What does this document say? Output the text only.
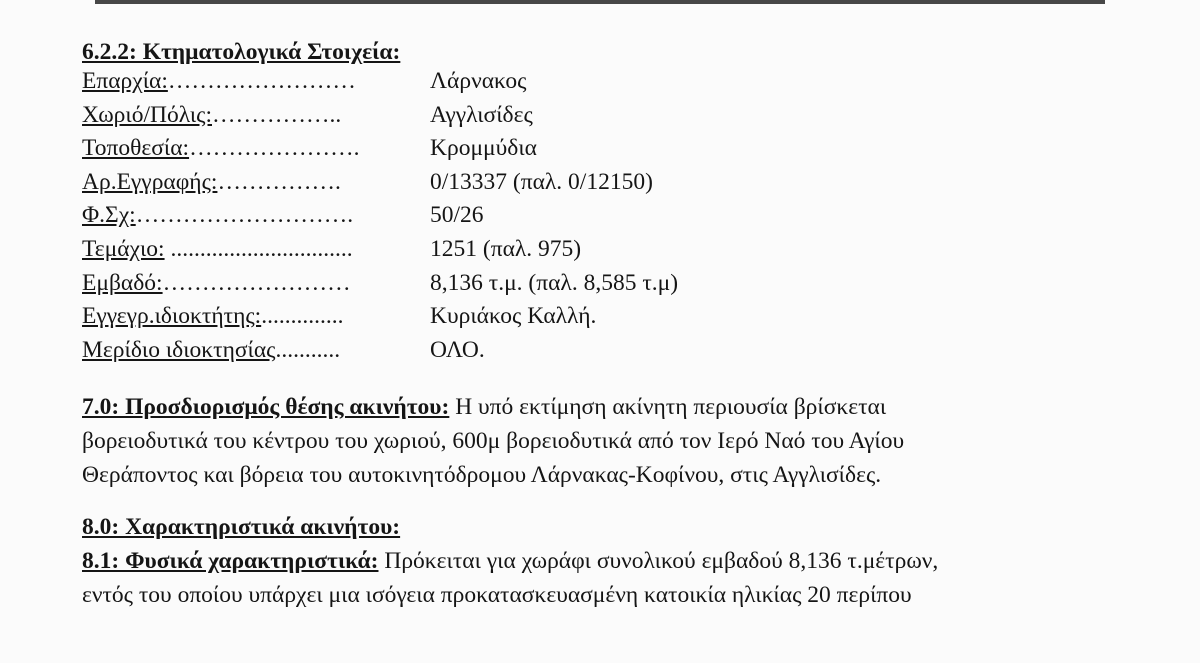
6.2.2: Κτηματολογικά Στοιχεία:
Επαρχία:……………………	Λάρνακος
Χωριό/Πόλις:……………..	Αγγλισίδες
Τοποθεσία:………………….	Κρομμύδια
Αρ.Εγγραφής:…………….	0/13337 (παλ. 0/12150)
Φ.Σχ:……………………….	50/26
Τεμάχιο: ...............................	1251 (παλ. 975)
Εμβαδό:……………………	8,136 τ.μ. (παλ. 8,585 τ.μ)
Εγγεγρ.ιδιοκτήτης:..............	Κυριάκος Καλλή.
Μερίδιο ιδιοκτησίας...........	ΟΛΟ.
7.0: Προσδιορισμός θέσης ακινήτου: Η υπό εκτίμηση ακίνητη περιουσία βρίσκεται
βορειοδυτικά του κέντρου του χωριού, 600μ βορειοδυτικά από τον Ιερό Ναό του Αγίου
Θεράποντος και βόρεια του αυτοκινητόδρομου Λάρνακας-Κοφίνου, στις Αγγλισίδες.
8.0: Χαρακτηριστικά ακινήτου:
8.1: Φυσικά χαρακτηριστικά: Πρόκειται για χωράφι συνολικού εμβαδού 8,136 τ.μέτρων,
εντός του οποίου υπάρχει μια ισόγεια προκατασκευασμένη κατοικία ηλικίας 20 περίπου
